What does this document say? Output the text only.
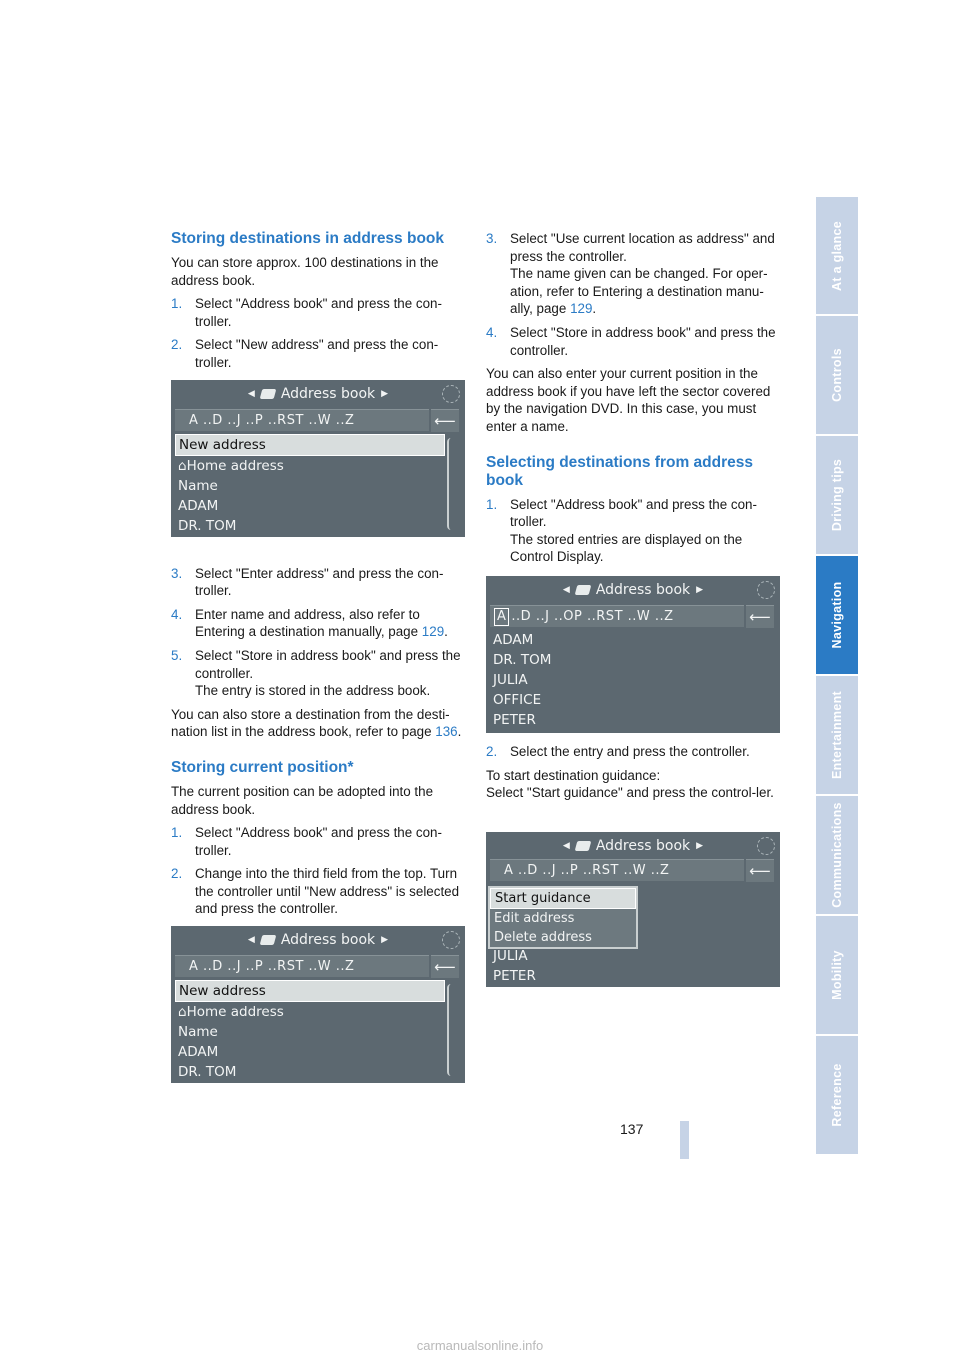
Storing destinations in address book

You can store approx. 100 destinations in the address book.

1. Select "Address book" and press the con-troller.
2. Select "New address" and press the con-troller.
3. Select "Enter address" and press the con-troller.
4. Enter name and address, also refer to Entering a destination manually, page 129.
5. Select "Store in address book" and press the controller.
The entry is stored in the address book.

You can also store a destination from the desti-nation list in the address book, refer to page 136.

Storing current position*

The current position can be adopted into the address book.

1. Select "Address book" and press the con-troller.
2. Change into the third field from the top. Turn the controller until "New address" is selected and press the controller.
3. Select "Use current location as address" and press the controller.
The name given can be changed. For oper-ation, refer to Entering a destination manu-ally, page 129.
4. Select "Store in address book" and press the controller.

You can also enter your current position in the address book if you have left the sector covered by the navigation DVD. In this case, you must enter a name.

Selecting destinations from address book
1. Select "Address book" and press the con-troller.
The stored entries are displayed on the Control Display.
2. Select the entry and press the controller.

To start destination guidance:

Select "Start guidance" and press the control-ler.

◀ Address book ▶
A ..D ..J ..P ..RST ..W ..Z	⟵
New address
⌂Home address
Name
ADAM
DR. TOM
◀ Address book ▶
A ..D ..J ..P ..RST ..W ..Z	⟵
New address
⌂Home address
Name
ADAM
DR. TOM
◀ Address book ▶
A ..D ..J ..OP ..RST ..W ..Z	⟵
ADAM
DR. TOM
JULIA
OFFICE
PETER
◀ Address book ▶
A ..D ..J ..P ..RST ..W ..Z	⟵
Start guidance
Edit address
Delete address
JULIA
PETER
At a glance
Controls
Driving tips
Navigation
Entertainment
Communications
Mobility
Reference
137
carmanualsonline.info
